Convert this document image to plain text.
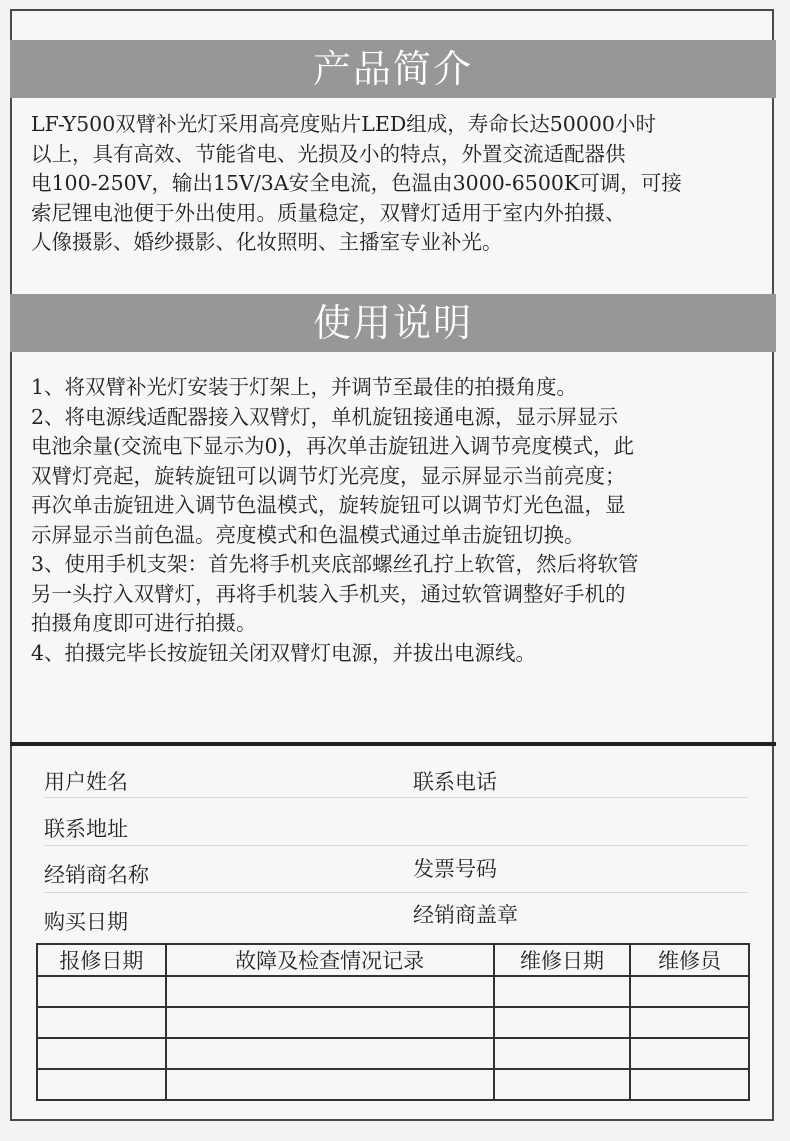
产品简介
LF-Y500双臂补光灯采用高亮度贴片LED组成，寿命长达50000小时
以上，具有高效、节能省电、光损及小的特点，外置交流适配器供
电100-250V，输出15V/3A安全电流，色温由3000-6500K可调，可接
索尼锂电池便于外出使用。质量稳定，双臂灯适用于室内外拍摄、
人像摄影、婚纱摄影、化妆照明、主播室专业补光。
使用说明
1、将双臂补光灯安装于灯架上，并调节至最佳的拍摄角度。
2、将电源线适配器接入双臂灯，单机旋钮接通电源，显示屏显示
电池余量(交流电下显示为0)，再次单击旋钮进入调节亮度模式，此
双臂灯亮起，旋转旋钮可以调节灯光亮度，显示屏显示当前亮度；
再次单击旋钮进入调节色温模式，旋转旋钮可以调节灯光色温，显
示屏显示当前色温。亮度模式和色温模式通过单击旋钮切换。
3、使用手机支架：首先将手机夹底部螺丝孔拧上软管，然后将软管
另一头拧入双臂灯，再将手机装入手机夹，通过软管调整好手机的
拍摄角度即可进行拍摄。
4、拍摄完毕长按旋钮关闭双臂灯电源，并拔出电源线。
用户姓名	联系电话
联系地址
经销商名称	发票号码
购买日期	经销商盖章
报修日期	故障及检查情况记录	维修日期	维修员
